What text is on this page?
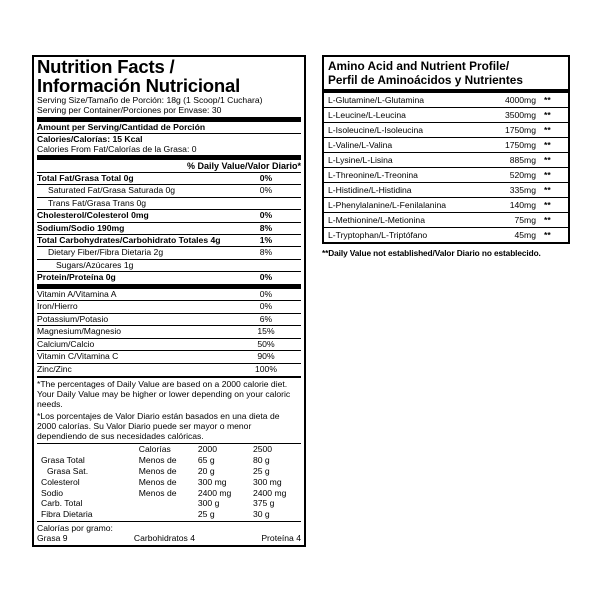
Nutrition Facts /
Información Nutricional
Serving Size/Tamaño de Porción: 18g (1 Scoop/1 Cuchara)
Serving per Container/Porciones por Envase: 30
Amount per Serving/Cantidad de Porción
Calories/Calorías: 15 Kcal
Calories From Fat/Calorías de la Grasa: 0
% Daily Value/Valor Diario*
Total Fat/Grasa Total 0g	0%
Saturated Fat/Grasa Saturada 0g	0%
Trans Fat/Grasa Trans 0g
Cholesterol/Colesterol 0mg	0%
Sodium/Sodio 190mg	8%
Total Carbohydrates/Carbohidrato Totales 4g	1%
Dietary Fiber/Fibra Dietaria 2g	8%
Sugars/Azúcares 1g
Protein/Proteína 0g	0%
Vitamin A/Vitamina A	0%
Iron/Hierro	0%
Potassium/Potasio	6%
Magnesium/Magnesio	15%
Calcium/Calcio	50%
Vitamin C/Vitamina C	90%
Zinc/Zinc	100%
*The percentages of Daily Value are based on a 2000 calorie diet. Your Daily Value may be higher or lower depending on your caloric needs.
*Los porcentajes de Valor Diario están basados en una dieta de 2000 calorías. Su Valor Diario puede ser mayor o menor dependiendo de sus necesidades calóricas.
	Calorías	2000	2500
Grasa Total	Menos de	65 g	80 g
Grasa Sat.	Menos de	20 g	25 g
Colesterol	Menos de	300 mg	300 mg
Sodio	Menos de	2400 mg	2400 mg
Carb. Total		300 g	375 g
Fibra Dietaria		25 g	30 g
Calorías por gramo:
Grasa 9	Carbohidratos 4	Proteína 4
Amino Acid and Nutrient Profile/
Perfil de Aminoácidos y Nutrientes
L-Glutamine/L-Glutamina	4000mg **
L-Leucine/L-Leucina	3500mg **
L-Isoleucine/L-Isoleucina	1750mg **
L-Valine/L-Valina	1750mg **
L-Lysine/L-Lisina	885mg **
L-Threonine/L-Treonina	520mg **
L-Histidine/L-Histidina	335mg **
L-Phenylalanine/L-Fenilalanina	140mg **
L-Methionine/L-Metionina	75mg **
L-Tryptophan/L-Triptófano	45mg **
**Daily Value not established/Valor Diario no establecido.
